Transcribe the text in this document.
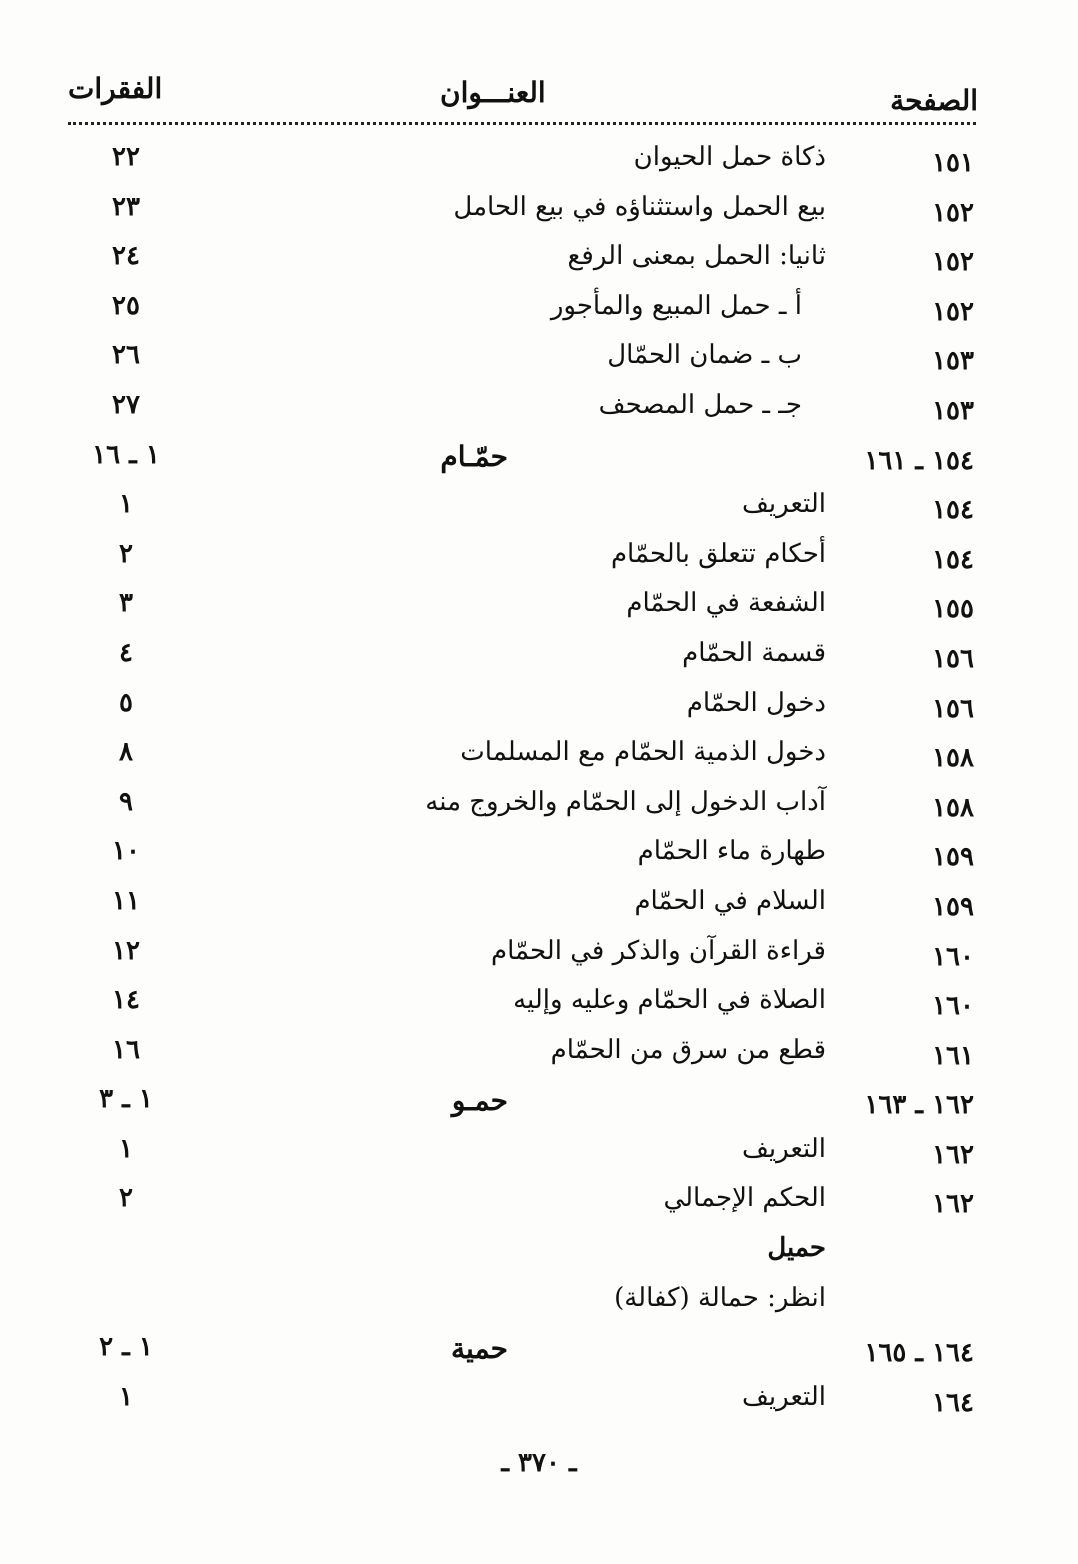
الفقرات	العنـــوان	الصفحة
١٥١
ذكاة حمل الحيوان
٢٢
١٥٢
بيع الحمل واستثناؤه في بيع الحامل
٢٣
١٥٢
ثانيا: الحمل بمعنى الرفع
٢٤
١٥٢
أ ـ حمل المبيع والمأجور
٢٥
١٥٣
ب ـ ضمان الحمّال
٢٦
١٥٣
جـ ـ حمل المصحف
٢٧
١٥٤ ـ ١٦١
حمّـام
١ ـ ١٦
١٥٤
التعريف
١
١٥٤
أحكام تتعلق بالحمّام
٢
١٥٥
الشفعة في الحمّام
٣
١٥٦
قسمة الحمّام
٤
١٥٦
دخول الحمّام
٥
١٥٨
دخول الذمية الحمّام مع المسلمات
٨
١٥٨
آداب الدخول إلى الحمّام والخروج منه
٩
١٥٩
طهارة ماء الحمّام
١٠
١٥٩
السلام في الحمّام
١١
١٦٠
قراءة القرآن والذكر في الحمّام
١٢
١٦٠
الصلاة في الحمّام وعليه وإليه
١٤
١٦١
قطع من سرق من الحمّام
١٦
١٦٢ ـ ١٦٣
حمـو
١ ـ ٣
١٦٢
التعريف
١
١٦٢
الحكم الإجمالي
٢
حميل
انظر: حمالة (كفالة)
١٦٤ ـ ١٦٥
حمية
١ ـ ٢
١٦٤
التعريف
١
ـ ٣٧٠ ـ
